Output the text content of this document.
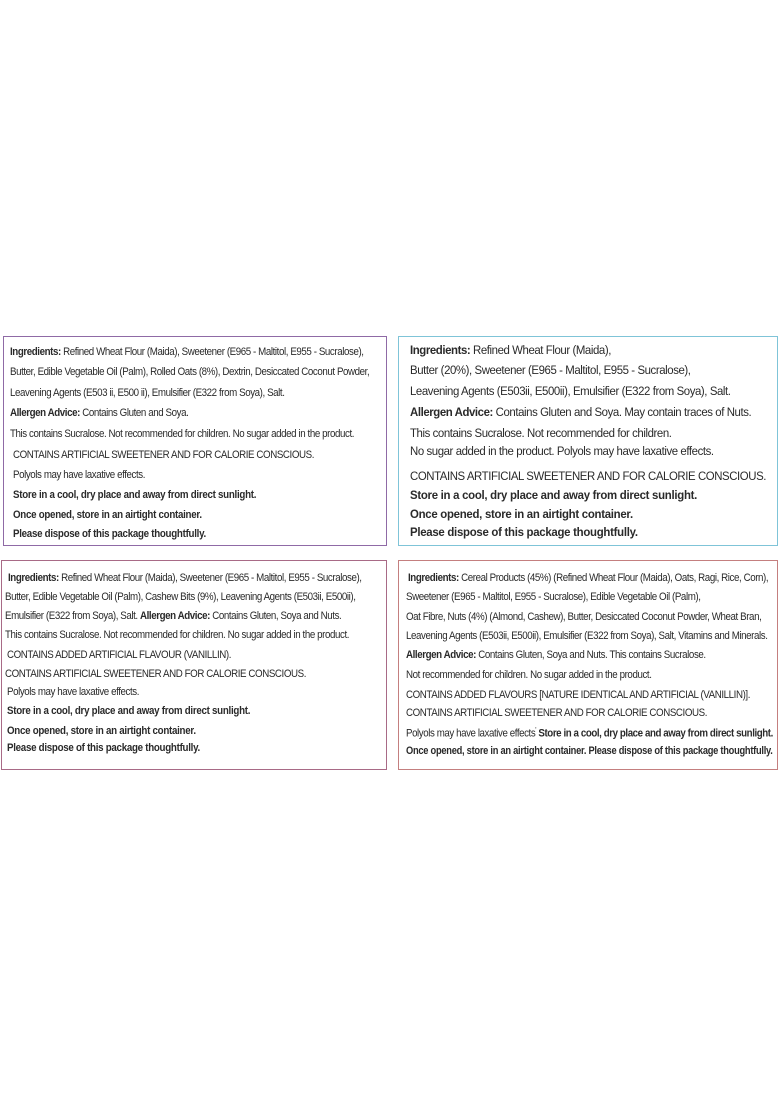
Ingredients: Refined Wheat Flour (Maida), Sweetener (E965 - Maltitol, E955 - Sucralose),
Butter, Edible Vegetable Oil (Palm), Rolled Oats (8%), Dextrin, Desiccated Coconut Powder,
Leavening Agents (E503 ii, E500 ii), Emulsifier (E322 from Soya), Salt.
Allergen Advice: Contains Gluten and Soya.
This contains Sucralose. Not recommended for children. No sugar added in the product.
CONTAINS ARTIFICIAL SWEETENER AND FOR CALORIE CONSCIOUS.
Polyols may have laxative effects.
Store in a cool, dry place and away from direct sunlight.
Once opened, store in an airtight container.
Please dispose of this package thoughtfully.
Ingredients: Refined Wheat Flour (Maida),
Butter (20%), Sweetener (E965 - Maltitol, E955 - Sucralose),
Leavening Agents (E503ii, E500ii), Emulsifier (E322 from Soya), Salt.
Allergen Advice: Contains Gluten and Soya. May contain traces of Nuts.
This contains Sucralose. Not recommended for children.
No sugar added in the product. Polyols may have laxative effects.
CONTAINS ARTIFICIAL SWEETENER AND FOR CALORIE CONSCIOUS.
Store in a cool, dry place and away from direct sunlight.
Once opened, store in an airtight container.
Please dispose of this package thoughtfully.
Ingredients: Refined Wheat Flour (Maida), Sweetener (E965 - Maltitol, E955 - Sucralose),
Butter, Edible Vegetable Oil (Palm), Cashew Bits (9%), Leavening Agents (E503ii, E500ii),
Emulsifier (E322 from Soya), Salt. Allergen Advice: Contains Gluten, Soya and Nuts.
This contains Sucralose. Not recommended for children. No sugar added in the product.
CONTAINS ADDED ARTIFICIAL FLAVOUR (VANILLIN).
CONTAINS ARTIFICIAL SWEETENER AND FOR CALORIE CONSCIOUS.
Polyols may have laxative effects.
Store in a cool, dry place and away from direct sunlight.
Once opened, store in an airtight container.
Please dispose of this package thoughtfully.
Ingredients: Cereal Products (45%) (Refined Wheat Flour (Maida), Oats, Ragi, Rice, Corn),
Sweetener (E965 - Maltitol, E955 - Sucralose), Edible Vegetable Oil (Palm),
Oat Fibre, Nuts (4%) (Almond, Cashew), Butter, Desiccated Coconut Powder, Wheat Bran,
Leavening Agents (E503ii, E500ii), Emulsifier (E322 from Soya), Salt, Vitamins and Minerals.
Allergen Advice: Contains Gluten, Soya and Nuts. This contains Sucralose.
Not recommended for children. No sugar added in the product.
CONTAINS ADDED FLAVOURS [NATURE IDENTICAL AND ARTIFICIAL (VANILLIN)].
CONTAINS ARTIFICIAL SWEETENER AND FOR CALORIE CONSCIOUS.
Polyols may have laxative effects' Store in a cool, dry place and away from direct sunlight.
Once opened, store in an airtight container. Please dispose of this package thoughtfully.
